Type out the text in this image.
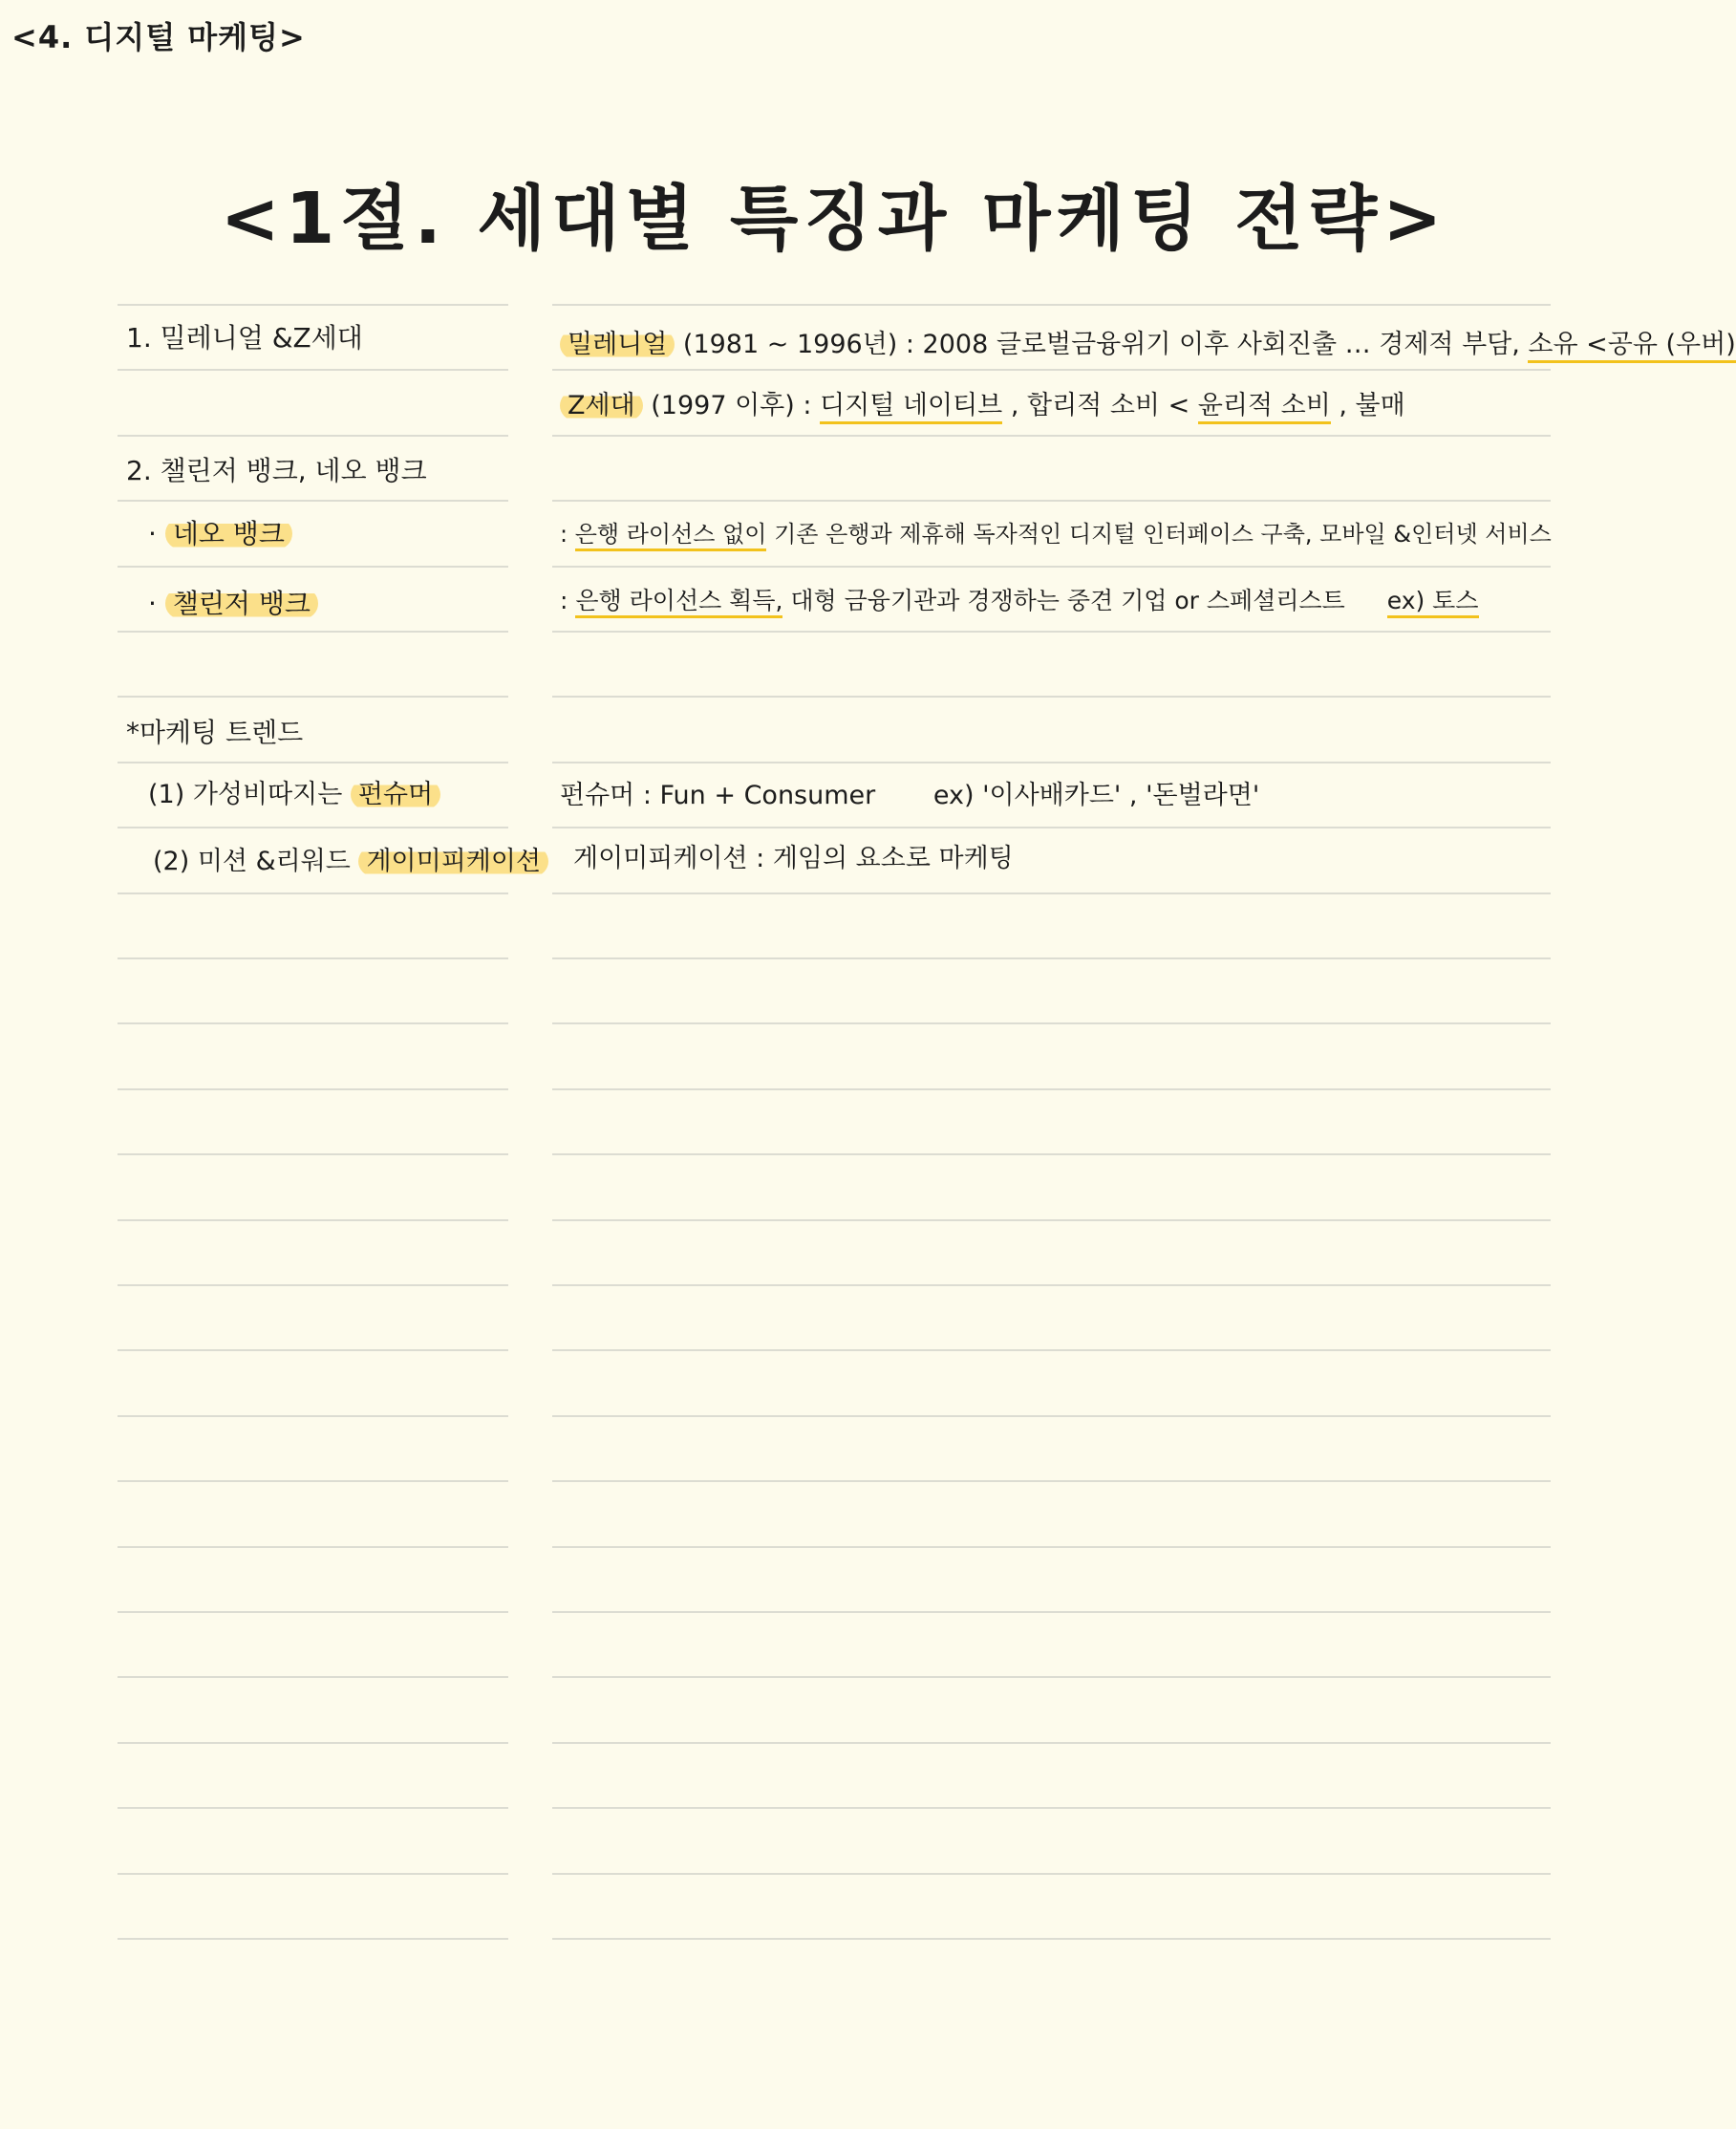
<4. 디지털 마케팅>
<1절. 세대별 특징과 마케팅 전략>
1. 밀레니얼 &Z세대
2. 챌린저 뱅크, 네오 뱅크
· 네오 뱅크
· 챌린저 뱅크
*마케팅 트렌드
(1) 가성비따지는 펀슈머
(2) 미션 &리워드 게이미피케이션
밀레니얼 (1981 ~ 1996년) : 2008 글로벌금융위기 이후 사회진출 … 경제적 부담, 소유 <공유 (우버)
Z세대 (1997 이후) : 디지털 네이티브 , 합리적 소비 < 윤리적 소비 , 불매
: 은행 라이선스 없이 기존 은행과 제휴해 독자적인 디지털 인터페이스 구축, 모바일 &인터넷 서비스
: 은행 라이선스 획득, 대형 금융기관과 경쟁하는 중견 기업 or 스페셜리스트 ex) 토스
펀슈머 : Fun + Consumer ex) '이사배카드' , '돈벌라면'
게이미피케이션 : 게임의 요소로 마케팅
